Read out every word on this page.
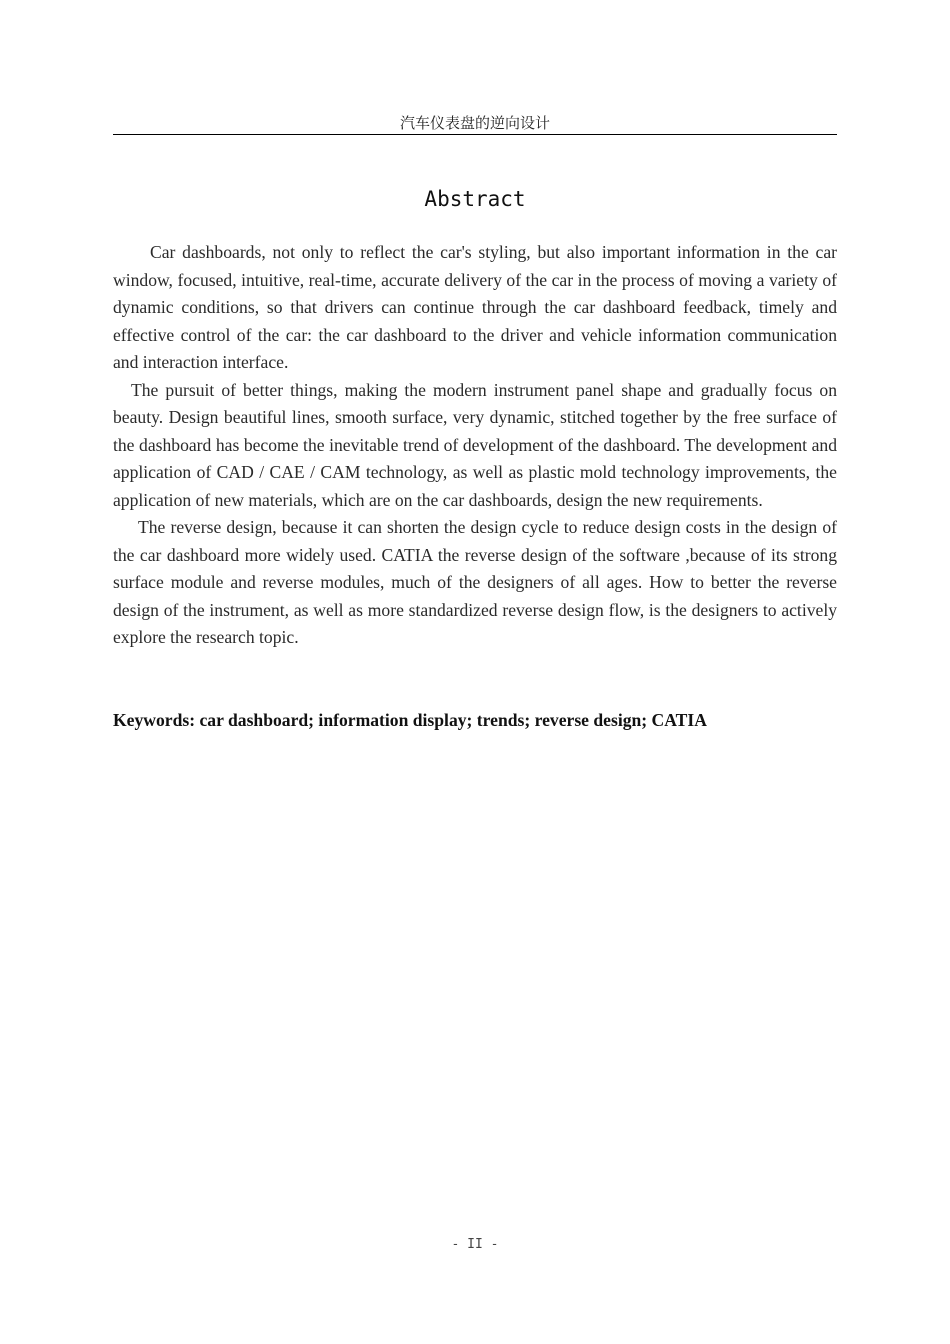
汽车仪表盘的逆向设计
Abstract

Car dashboards, not only to reflect the car's styling, but also important information in the car window, focused, intuitive, real-time, accurate delivery of the car in the process of moving a variety of dynamic conditions, so that drivers can continue through the car dashboard feedback, timely and effective control of the car: the car dashboard to the driver and vehicle information communication and interaction interface.

The pursuit of better things, making the modern instrument panel shape and gradually focus on beauty. Design beautiful lines, smooth surface, very dynamic, stitched together by the free surface of the dashboard has become the inevitable trend of development of the dashboard. The development and application of CAD / CAE / CAM technology, as well as plastic mold technology improvements, the application of new materials, which are on the car dashboards, design the new requirements.

The reverse design, because it can shorten the design cycle to reduce design costs in the design of the car dashboard more widely used. CATIA the reverse design of the software ,because of its strong surface module and reverse modules, much of the designers of all ages. How to better the reverse design of the instrument, as well as more standardized reverse design flow, is the designers to actively explore the research topic.

Keywords: car dashboard; information display; trends; reverse design; CATIA
- II -
